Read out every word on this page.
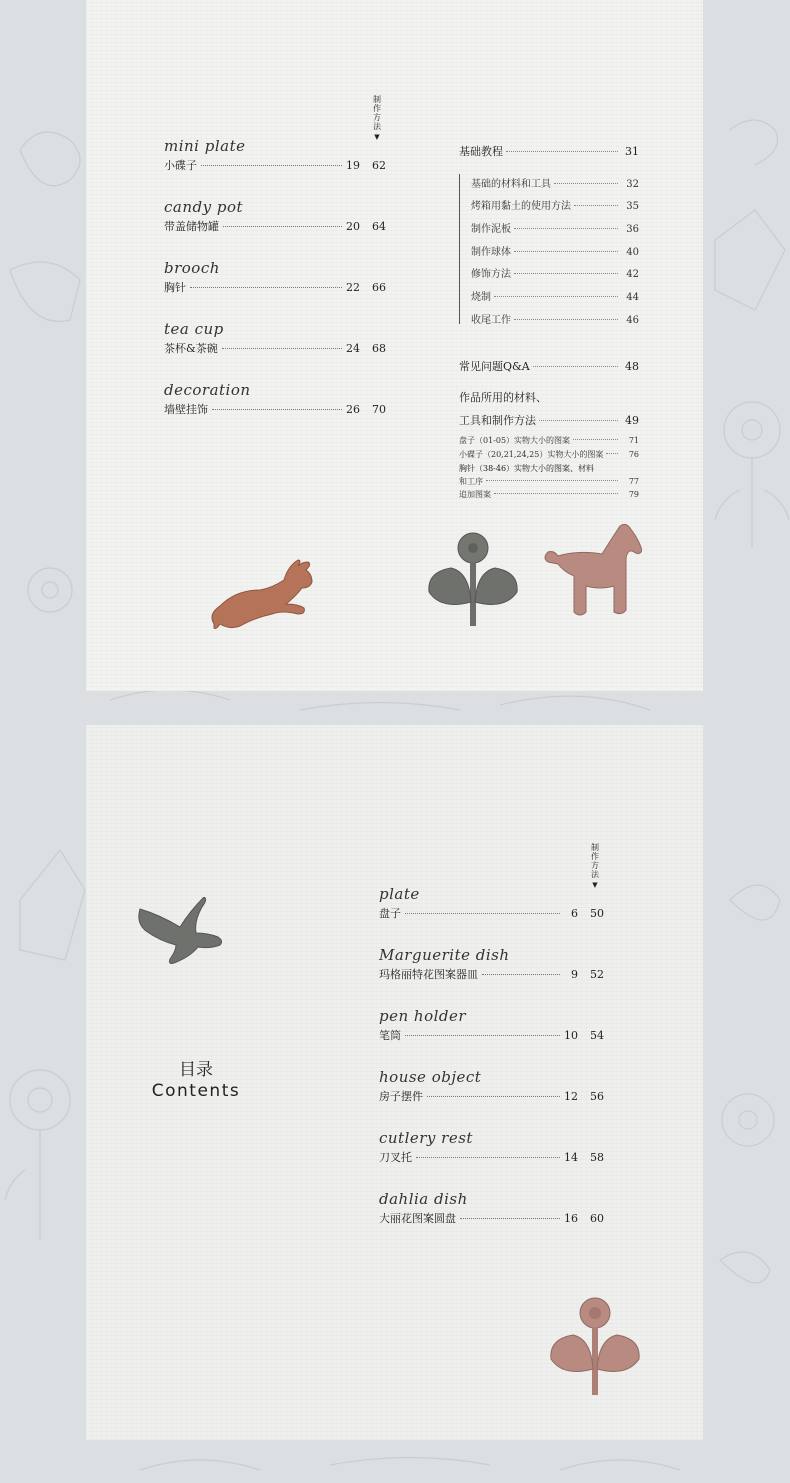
制作方法
▼
mini plate
小碟子	19	62
candy pot
带盖储物罐	20	64
brooch
胸针	22	66
tea cup
茶杯&茶碗	24	68
decoration
墙壁挂饰	26	70
基础教程	31
基础的材料和工具	32
烤箱用黏土的使用方法	35
制作泥板	36
制作球体	40
修饰方法	42
烧制	44
收尾工作	46
常见问题Q&A	48
作品所用的材料、
工具和制作方法	49
盘子（01-05）实物大小的图案	71
小碟子（20,21,24,25）实物大小的图案	76
胸针（38-46）实物大小的图案、材料
和工序	77
追加图案	79
目录
Contents
制作方法
▼
plate
盘子	6	50
Marguerite dish
玛格丽特花图案器皿	9	52
pen holder
笔筒	10	54
house object
房子摆件	12	56
cutlery rest
刀叉托	14	58
dahlia dish
大丽花图案圆盘	16	60
